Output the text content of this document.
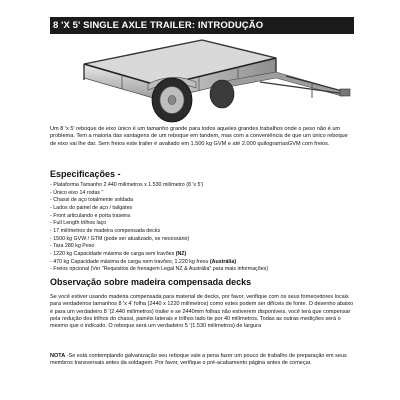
8 'X 5' SINGLE AXLE TRAILER: INTRODUÇÃO

Um 8 'x 5' reboque de eixo único é um tamanho grande para todos aqueles grandes trabalhos onde o peso não é um problema. Tem a maioria das vantagens de um reboque em tandem, mas com a conveniência de que um único reboque de eixo vai lhe dar. Sem freios este trailer é avaliado em 1.500 kg GVM e até 2.000 quilogramasGVM com freios.

Especificações -
- Plataforma Tamanho 2.440 milímetros x 1.530 milímetro (8 'x 5')
- Único eixo 14 rodas "
- Chassi de aço totalmente soldada
- Lados do painel de aço / tailgates
- Front articulando e porta traseira
- Full Length trilhos laço
- 17 milímetros de madeira compensada decks
- 1500 kg GVW / GTM (pode ser atualizado, se necessário)
- Tara 280 kg Peso
- 1220 kg Capacidade máxima de carga sem travões (NZ)
- 470 kg Capacidade máxima de carga nem travões; 1.220 kg freou (Austrália)
- Freios opcional (Ver "Requisitos de frenagem Legal NZ & Austrália" para mais informações)
Observação sobre madeira compensada decks

Se você estiver usando madeira compensada para material de decks, por favor, verifique com os seus fornecedores locais para verdadeiros tamanhos 8 'x 4' folha (2440 x 1220 milímetros) como estes podem ser difíceis de fonte. O desenho abaixo é para um verdadeiro 8 '(2.440 milímetros) trailer e se 2440mm folhas não estiverem disponíveis, você terá que compensar pela redução dos trilhos do chassi, painéis laterais e trilhos lado tie por 40 milímetros. Todas as outras medições será o mesmo que o indicado. O reboque será um verdadeiro 5 '(1.530 milímetros) de largura

NOTA -Se está contemplando galvanização seu reboque vale a pena fazer um pouco de trabalho de preparação em seus membros transversais antes da soldagem. Por favor, verifique o pré-acabamento página antes de começar.
